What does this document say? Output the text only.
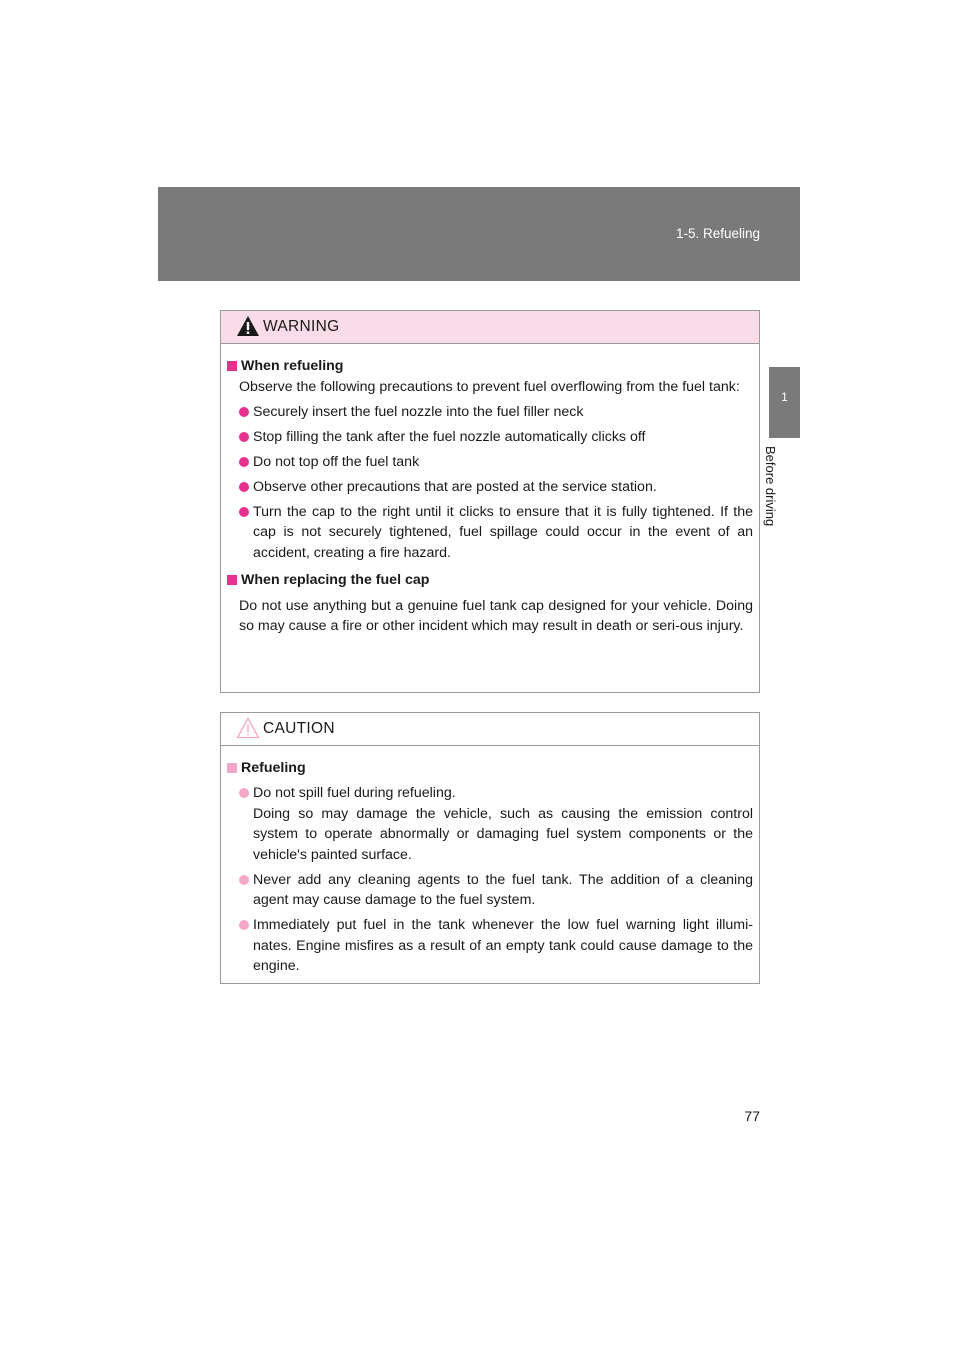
1-5. Refueling
1
Before driving
WARNING
When refueling
Observe the following precautions to prevent fuel overflowing from the fuel tank:
Securely insert the fuel nozzle into the fuel filler neck
Stop filling the tank after the fuel nozzle automatically clicks off
Do not top off the fuel tank
Observe other precautions that are posted at the service station.
Turn the cap to the right until it clicks to ensure that it is fully tightened. If the cap is not securely tightened, fuel spillage could occur in the event of an accident, creating a fire hazard.
When replacing the fuel cap
Do not use anything but a genuine fuel tank cap designed for your vehicle. Doing so may cause a fire or other incident which may result in death or seri-ous injury.
CAUTION
Refueling
Do not spill fuel during refueling.
Doing so may damage the vehicle, such as causing the emission control system to operate abnormally or damaging fuel system components or the vehicle's painted surface.
Never add any cleaning agents to the fuel tank. The addition of a cleaning agent may cause damage to the fuel system.
Immediately put fuel in the tank whenever the low fuel warning light illumi-nates. Engine misfires as a result of an empty tank could cause damage to the engine.
77
